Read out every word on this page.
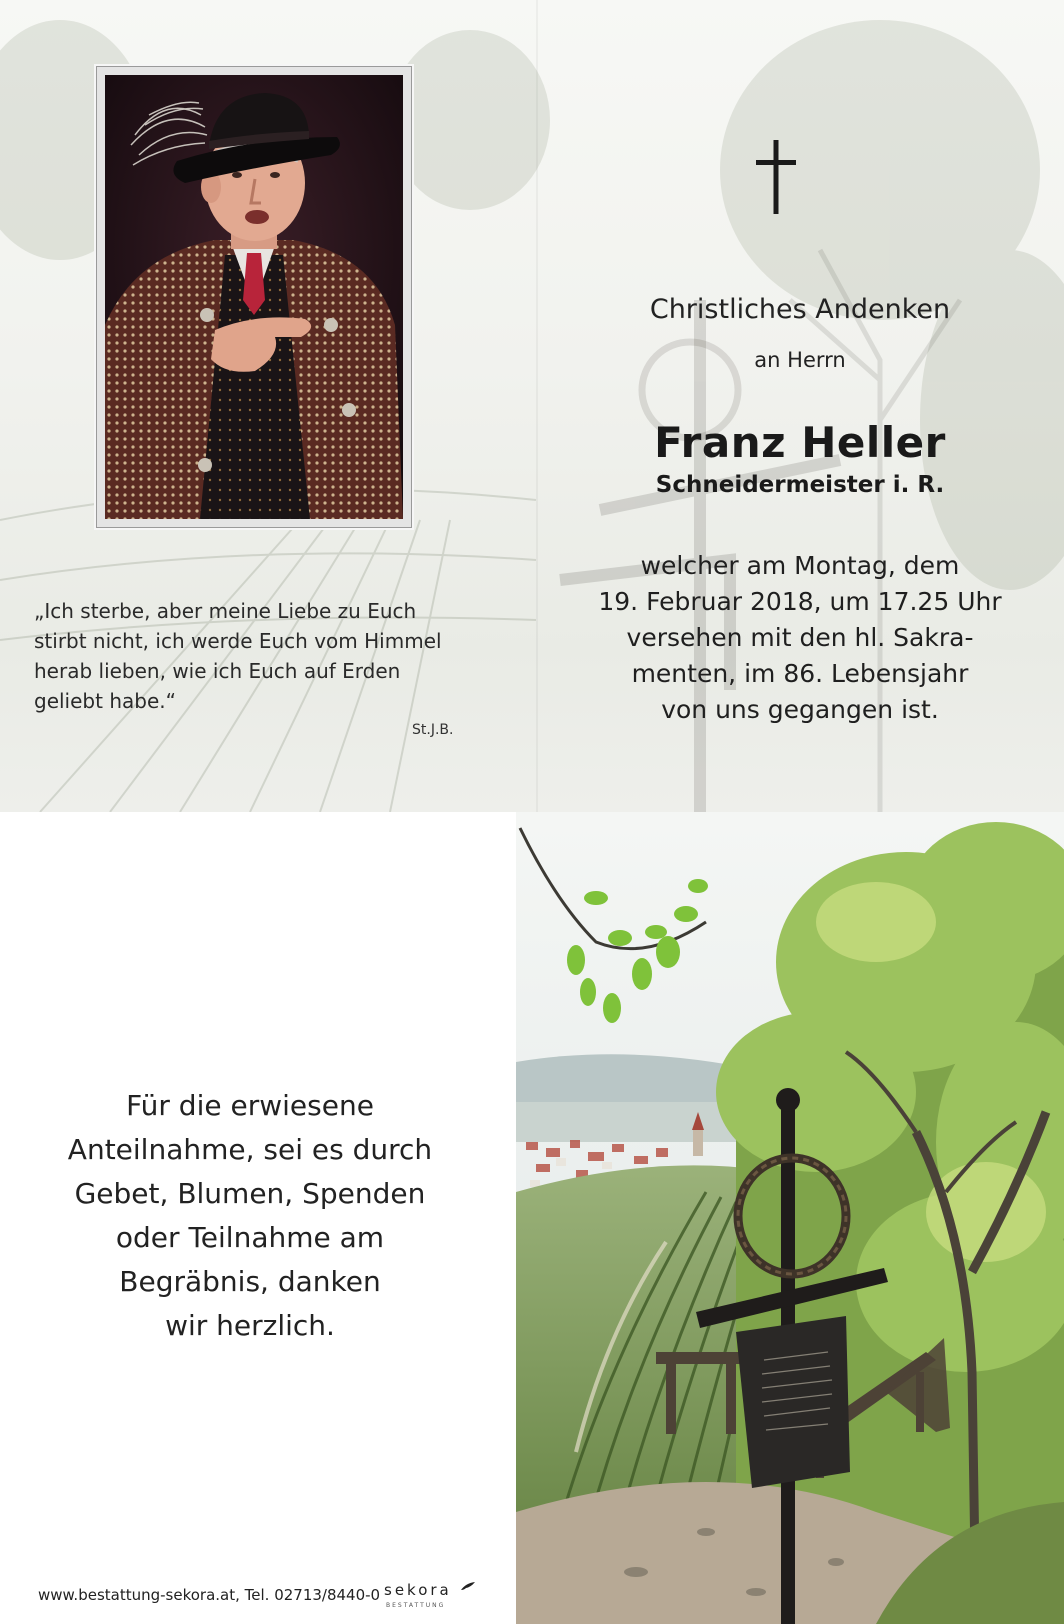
„Ich sterbe, aber meine Liebe zu Euch
stirbt nicht, ich werde Euch vom Himmel
herab lieben, wie ich Euch auf Erden
geliebt habe.“
St.J.B.
Christliches Andenken
an Herrn
Franz Heller
Schneidermeister i. R.
welcher am Montag, dem
19. Februar 2018, um 17.25 Uhr
versehen mit den hl. Sakra-
menten, im 86. Lebensjahr
von uns gegangen ist.
Für die erwiesene
Anteilnahme, sei es durch
Gebet, Blumen, Spenden
oder Teilnahme am
Begräbnis, danken
wir herzlich.
www.bestattung-sekora.at, Tel. 02713/8440-0 sekora
BESTATTUNG
